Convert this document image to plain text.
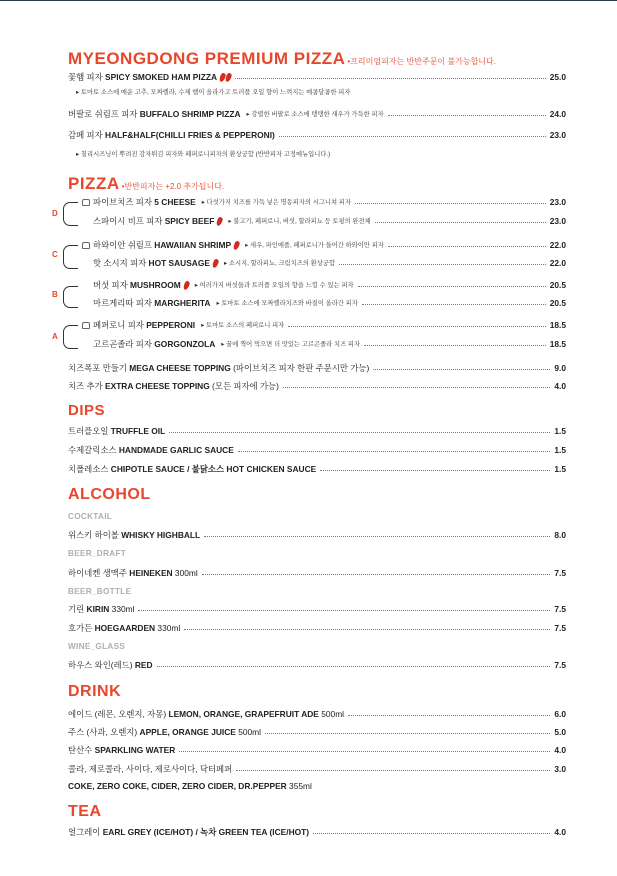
MYEONGDONG PREMIUM PIZZA •프리미엄피자는 반반주문이 불가능합니다.
꽃햄 피자 SPICY SMOKED HAM PIZZA	25.0
▸ 토마토 소스에 매운 고추, 모짜렐라, 수제 햄이 올라가고 트러플 오일 향이 느껴지는 매콤달콤한 피자
버팔로 쉬림프 피자 BUFFALO SHRIMP PIZZA ▸ 강렬한 버팔로 소스에 탱탱한 새우가 가득한 피자	24.0
감페 피자 HALF&HALF(CHILLI FRIES & PEPPERONI)	23.0
▸ 칠리시즈닝이 뿌려진 감자튀김 피자와 페퍼로니피자의 환상궁합 (반반피자 고정메뉴입니다.)
PIZZA •반반피자는 +2.0 추가됩니다.
D
파이브치즈 피자 5 CHEESE ▸ 다섯가지 치즈를 가득 넣은 명동피자의 시그니쳐 피자	23.0
스파이시 비프 피자 SPICY BEEF ▸ 불고기, 페퍼로니, 버섯, 할라피뇨 등 토핑의 완전체	23.0
C
하와이안 쉬림프 HAWAIIAN SHRIMP ▸ 새우, 파인애플, 페퍼로니가 들어간 하와이안 피자	22.0
핫 소시지 피자 HOT SAUSAGE ▸ 소시지, 할라피뇨, 크림치즈의 환상궁합	22.0
B
버섯 피자 MUSHROOM ▸ 여러가지 버섯들과 트러플 오일의 향을 느낄 수 있는 피자	20.5
마르게리따 피자 MARGHERITA ▸ 토마토 소스에 모짜렐라치즈와 바질이 올라간 피자	20.5
A
페퍼로니 피자 PEPPERONI ▸ 토마토 소스의 페퍼로니 피자	18.5
고르곤졸라 피자 GORGONZOLA ▸ 꿀에 찍어 먹으면 더 맛있는 고르곤졸라 치즈 피자	18.5
치즈폭포 만들기 MEGA CHEESE TOPPING (파이브치즈 피자 한판 주문시만 가능)	9.0
치즈 추가 EXTRA CHEESE TOPPING (모든 피자에 가능)	4.0
DIPS
트러플오일 TRUFFLE OIL	1.5
수제갈릭소스 HANDMADE GARLIC SAUCE	1.5
치폴레소스 CHIPOTLE SAUCE / 불닭소스 HOT CHICKEN SAUCE	1.5
ALCOHOL
COCKTAIL
위스키 하이볼 WHISKY HIGHBALL	8.0
BEER_DRAFT
하이네켄 생맥주 HEINEKEN 300ml	7.5
BEER_BOTTLE
기린 KIRIN 330ml	7.5
호가든 HOEGAARDEN 330ml	7.5
WINE_GLASS
하우스 와인(레드) RED	7.5
DRINK
에이드 (레몬, 오렌지, 자몽) LEMON, ORANGE, GRAPEFRUIT ADE 500ml	6.0
주스 (사과, 오렌지) APPLE, ORANGE JUICE 500ml	5.0
탄산수 SPARKLING WATER	4.0
콜라, 제로콜라, 사이다, 제로사이다, 닥터페퍼	3.0
COKE, ZERO COKE, CIDER, ZERO CIDER, DR.PEPPER 355ml
TEA
얼그레이 EARL GREY (ICE/HOT) / 녹차 GREEN TEA (ICE/HOT)	4.0
